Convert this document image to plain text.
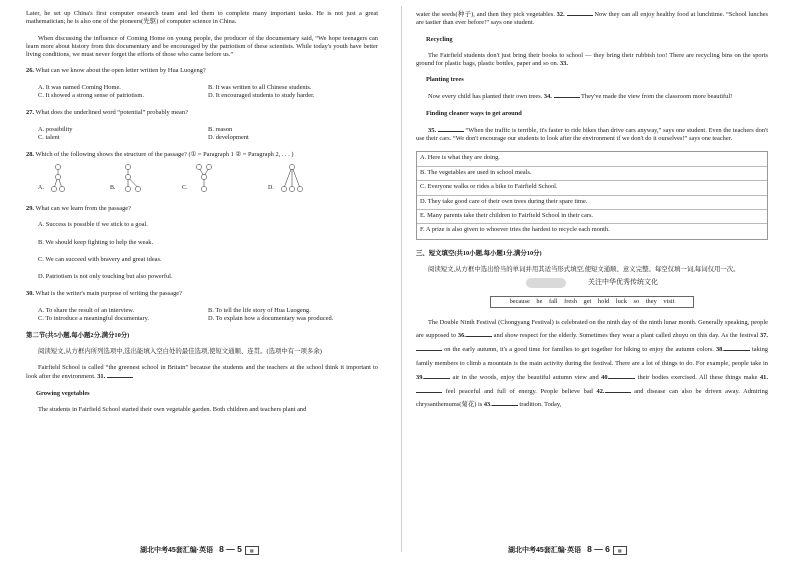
Later, he set up China's first computer research team and led them to complete many important tasks. He is not just a great mathematician; he is also one of the pioneers(先驱) of computer science in China.

When discussing the influence of Coming Home on young people, the producer of the documentary said, “We hope teenagers can learn more about history from this documentary and be encouraged by the patriotism of these scientists. While today's youth have better living conditions, we must never forget the efforts of those who came before us.”

26. What can we know about the open letter written by Hua Luogeng?

A. It was named Coming Home.	B. It was written to all Chinese students.
C. It showed a strong sense of patriotism.	D. It encouraged students to study harder.

27. What does the underlined word “potential” probably mean?

A. possibility	B. reason
C. talent	D. development

28. Which of the following shows the structure of the passage? (① = Paragraph 1 ② = Paragraph 2, . . . )

A.	B.	C.	D.

29. What can we learn from the passage?

A. Success is possible if we stick to a goal.
B. We should keep fighting to help the weak.
C. We can succeed with bravery and great ideas.
D. Patriotism is not only touching but also powerful.

30. What is the writer's main purpose of writing the passage?

A. To share the result of an interview.	B. To tell the life story of Hua Luogeng.
C. To introduce a meaningful documentary.	D. To explain how a documentary was produced.

第二节(共5小题,每小题2分,满分10分)

阅读短文,从方框内所列选项中,选出能填入空白处的最佳选项,使短文通顺、连贯。(选项中有一项多余)

Fairfield School is called “the greenest school in Britain” because the students and the teachers at the school think it important to look after the environment. 31.

Growing vegetables

The students in Fairfield School started their own vegetable garden. Both children and teachers plant and

water the seeds(种子), and then they pick vegetables. 32.	Now they can all enjoy healthy food at lunchtime. “School lunches are tastier than ever before!” says one student.

Recycling

The Fairfield students don't just bring their books to school — they bring their rubbish too! There are recycling bins on the sports ground for plastic bags, plastic bottles, paper and so on. 33.

Planting trees

Now every child has planted their own trees. 34.	They've made the view from the classroom more beautiful!

Finding cleaner ways to get around

35.	“When the traffic is terrible, it's faster to ride bikes than drive cars anyway,” says one student. Even the teachers don't use their cars. “We don't encourage our students to look after the environment if we don't do it ourselves!” says one teacher.

A. Here is what they are doing.
B. The vegetables are used in school meals.
C. Everyone walks or rides a bike to Fairfield School.
D. They take good care of their own trees during their spare time.
E. Many parents take their children to Fairfield School in their cars.
F. A prize is also given to whoever tries the hardest to recycle each month.

三、短文填空(共10小题,每小题1分,满分10分)

阅读短文,从方框中选出恰当的单词并用其适当形式填空,使短文通顺、意义完整。每空仅填一词,每词仅用一次。

关注中华优秀传统文化
because he fall fresh get hold luck so they visit

The Double Ninth Festival (Chongyang Festival) is celebrated on the ninth day of the ninth lunar month. Generally speaking, people are supposed to 36.	and show respect for the elderly. Sometimes they wear a plant called zhuyu on this day. As the festival 37. on the early autumn, it's a good time for families to get together for hiking to enjoy the autumn colors. 38.	taking family members to climb a mountain is the main activity during the festival. There are a lot of things to do. For example, people take in 39.	air in the woods, enjoy the beautiful autumn view and 40.	their bodies exercised. All these things make 41. feel peaceful and full of energy. People believe bad 42.	and disease can also be driven away. Admiring chrysanthemums(菊花) is 43.	tradition. Today,

湖北中考45套汇编·英语 8 — 5 ▦	湖北中考45套汇编·英语 8 — 6 ▦
